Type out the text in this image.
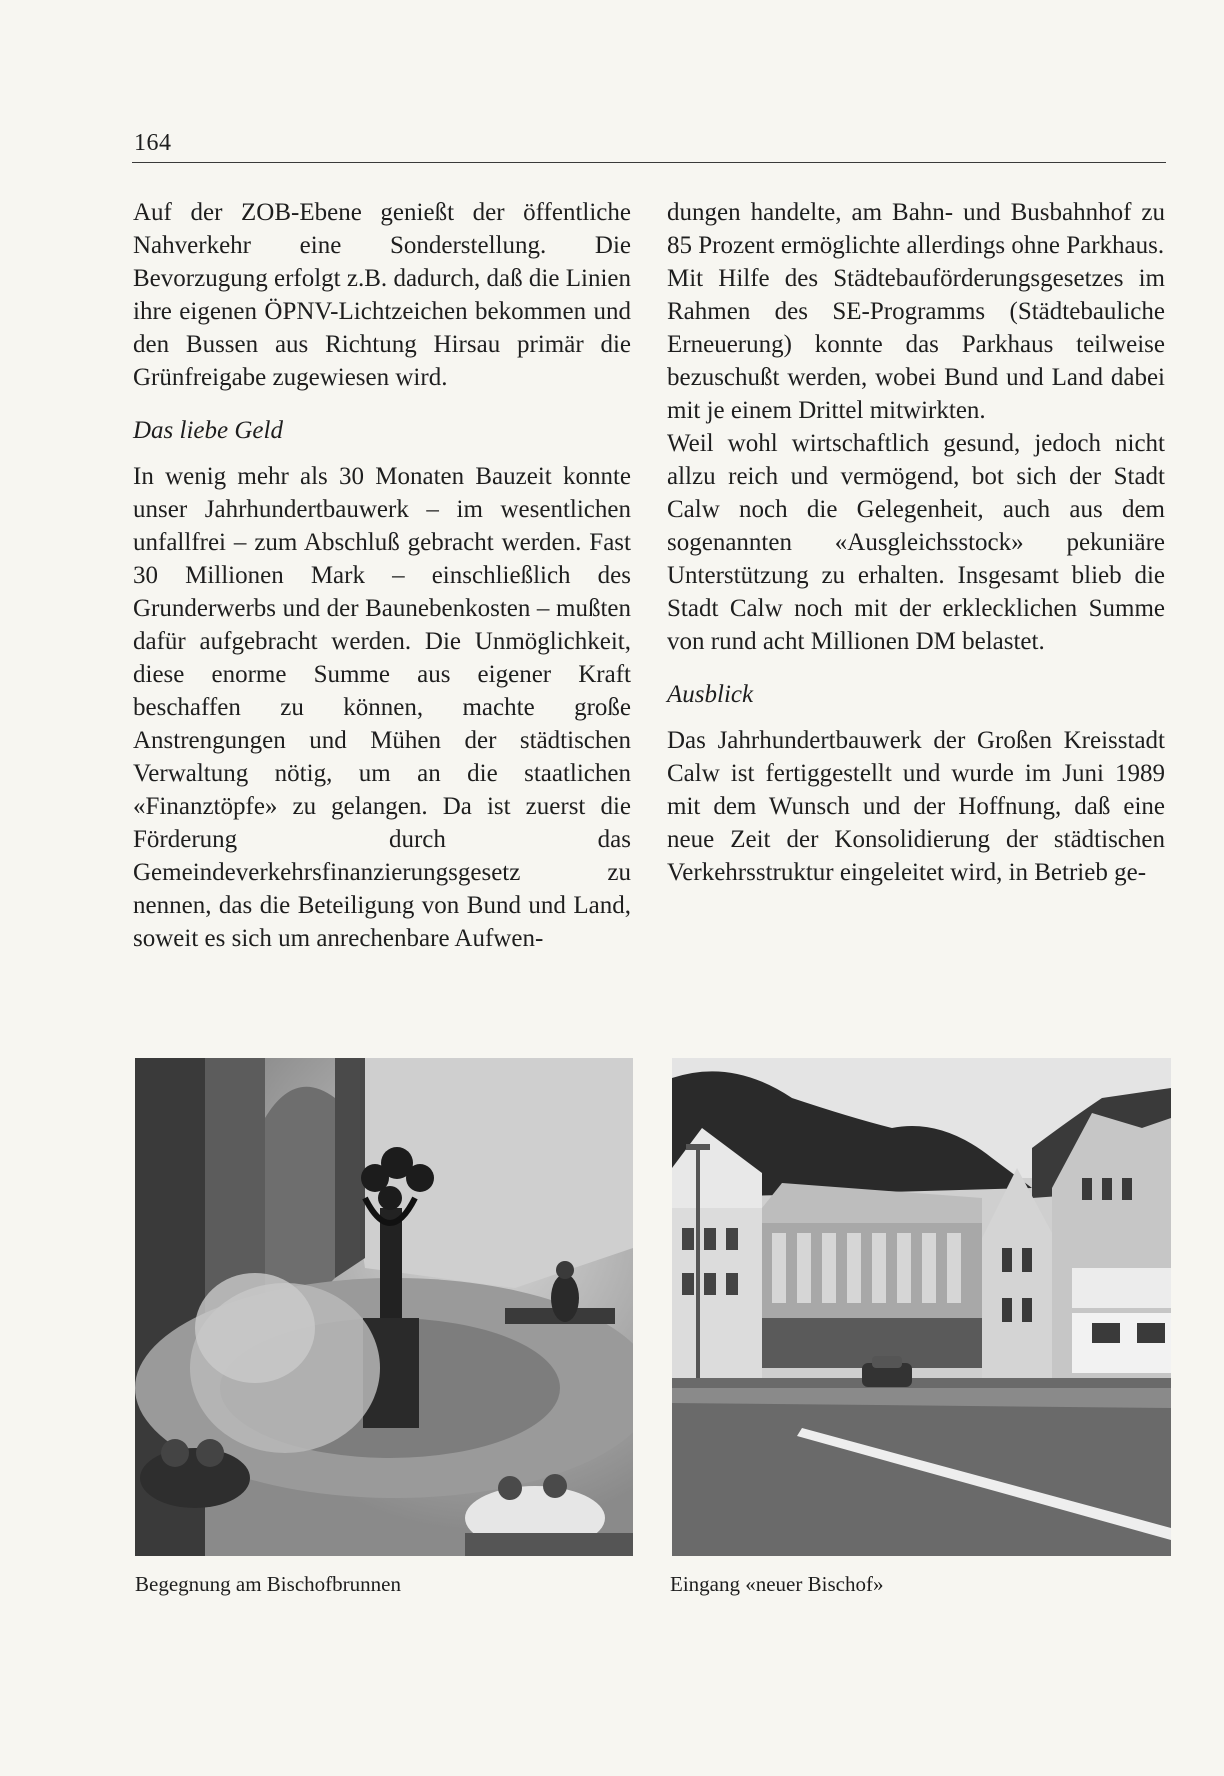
164

Auf der ZOB-Ebene genießt der öffentliche Nahverkehr eine Sonderstellung. Die Bevorzugung erfolgt z.B. dadurch, daß die Linien ihre eigenen ÖPNV-Lichtzeichen bekommen und den Bussen aus Richtung Hirsau primär die Grünfreigabe zugewiesen wird.

Das liebe Geld

In wenig mehr als 30 Monaten Bauzeit konnte unser Jahrhundertbauwerk – im wesentlichen unfallfrei – zum Abschluß gebracht werden. Fast 30 Millionen Mark – einschließlich des Grunderwerbs und der Baunebenkosten – mußten dafür aufgebracht werden. Die Unmöglichkeit, diese enorme Summe aus eigener Kraft beschaffen zu können, machte große Anstrengungen und Mühen der städtischen Verwaltung nötig, um an die staatlichen «Finanztöpfe» zu gelangen. Da ist zuerst die Förderung durch das Gemeindeverkehrsfinanzierungsgesetz zu nennen, das die Beteiligung von Bund und Land, soweit es sich um anrechenbare Aufwen-

dungen handelte, am Bahn- und Busbahnhof zu 85 Prozent ermöglichte allerdings ohne Parkhaus.

Mit Hilfe des Städtebauförderungsgesetzes im Rahmen des SE-Programms (Städtebauliche Erneuerung) konnte das Parkhaus teilweise bezuschußt werden, wobei Bund und Land dabei mit je einem Drittel mitwirkten.

Weil wohl wirtschaftlich gesund, jedoch nicht allzu reich und vermögend, bot sich der Stadt Calw noch die Gelegenheit, auch aus dem sogenannten «Ausgleichsstock» pekuniäre Unterstützung zu erhalten. Insgesamt blieb die Stadt Calw noch mit der erklecklichen Summe von rund acht Millionen DM belastet.

Ausblick

Das Jahrhundertbauwerk der Großen Kreisstadt Calw ist fertiggestellt und wurde im Juni 1989 mit dem Wunsch und der Hoffnung, daß eine neue Zeit der Konsolidierung der städtischen Verkehrsstruktur eingeleitet wird, in Betrieb ge-

Begegnung am Bischofbrunnen	Eingang «neuer Bischof»
